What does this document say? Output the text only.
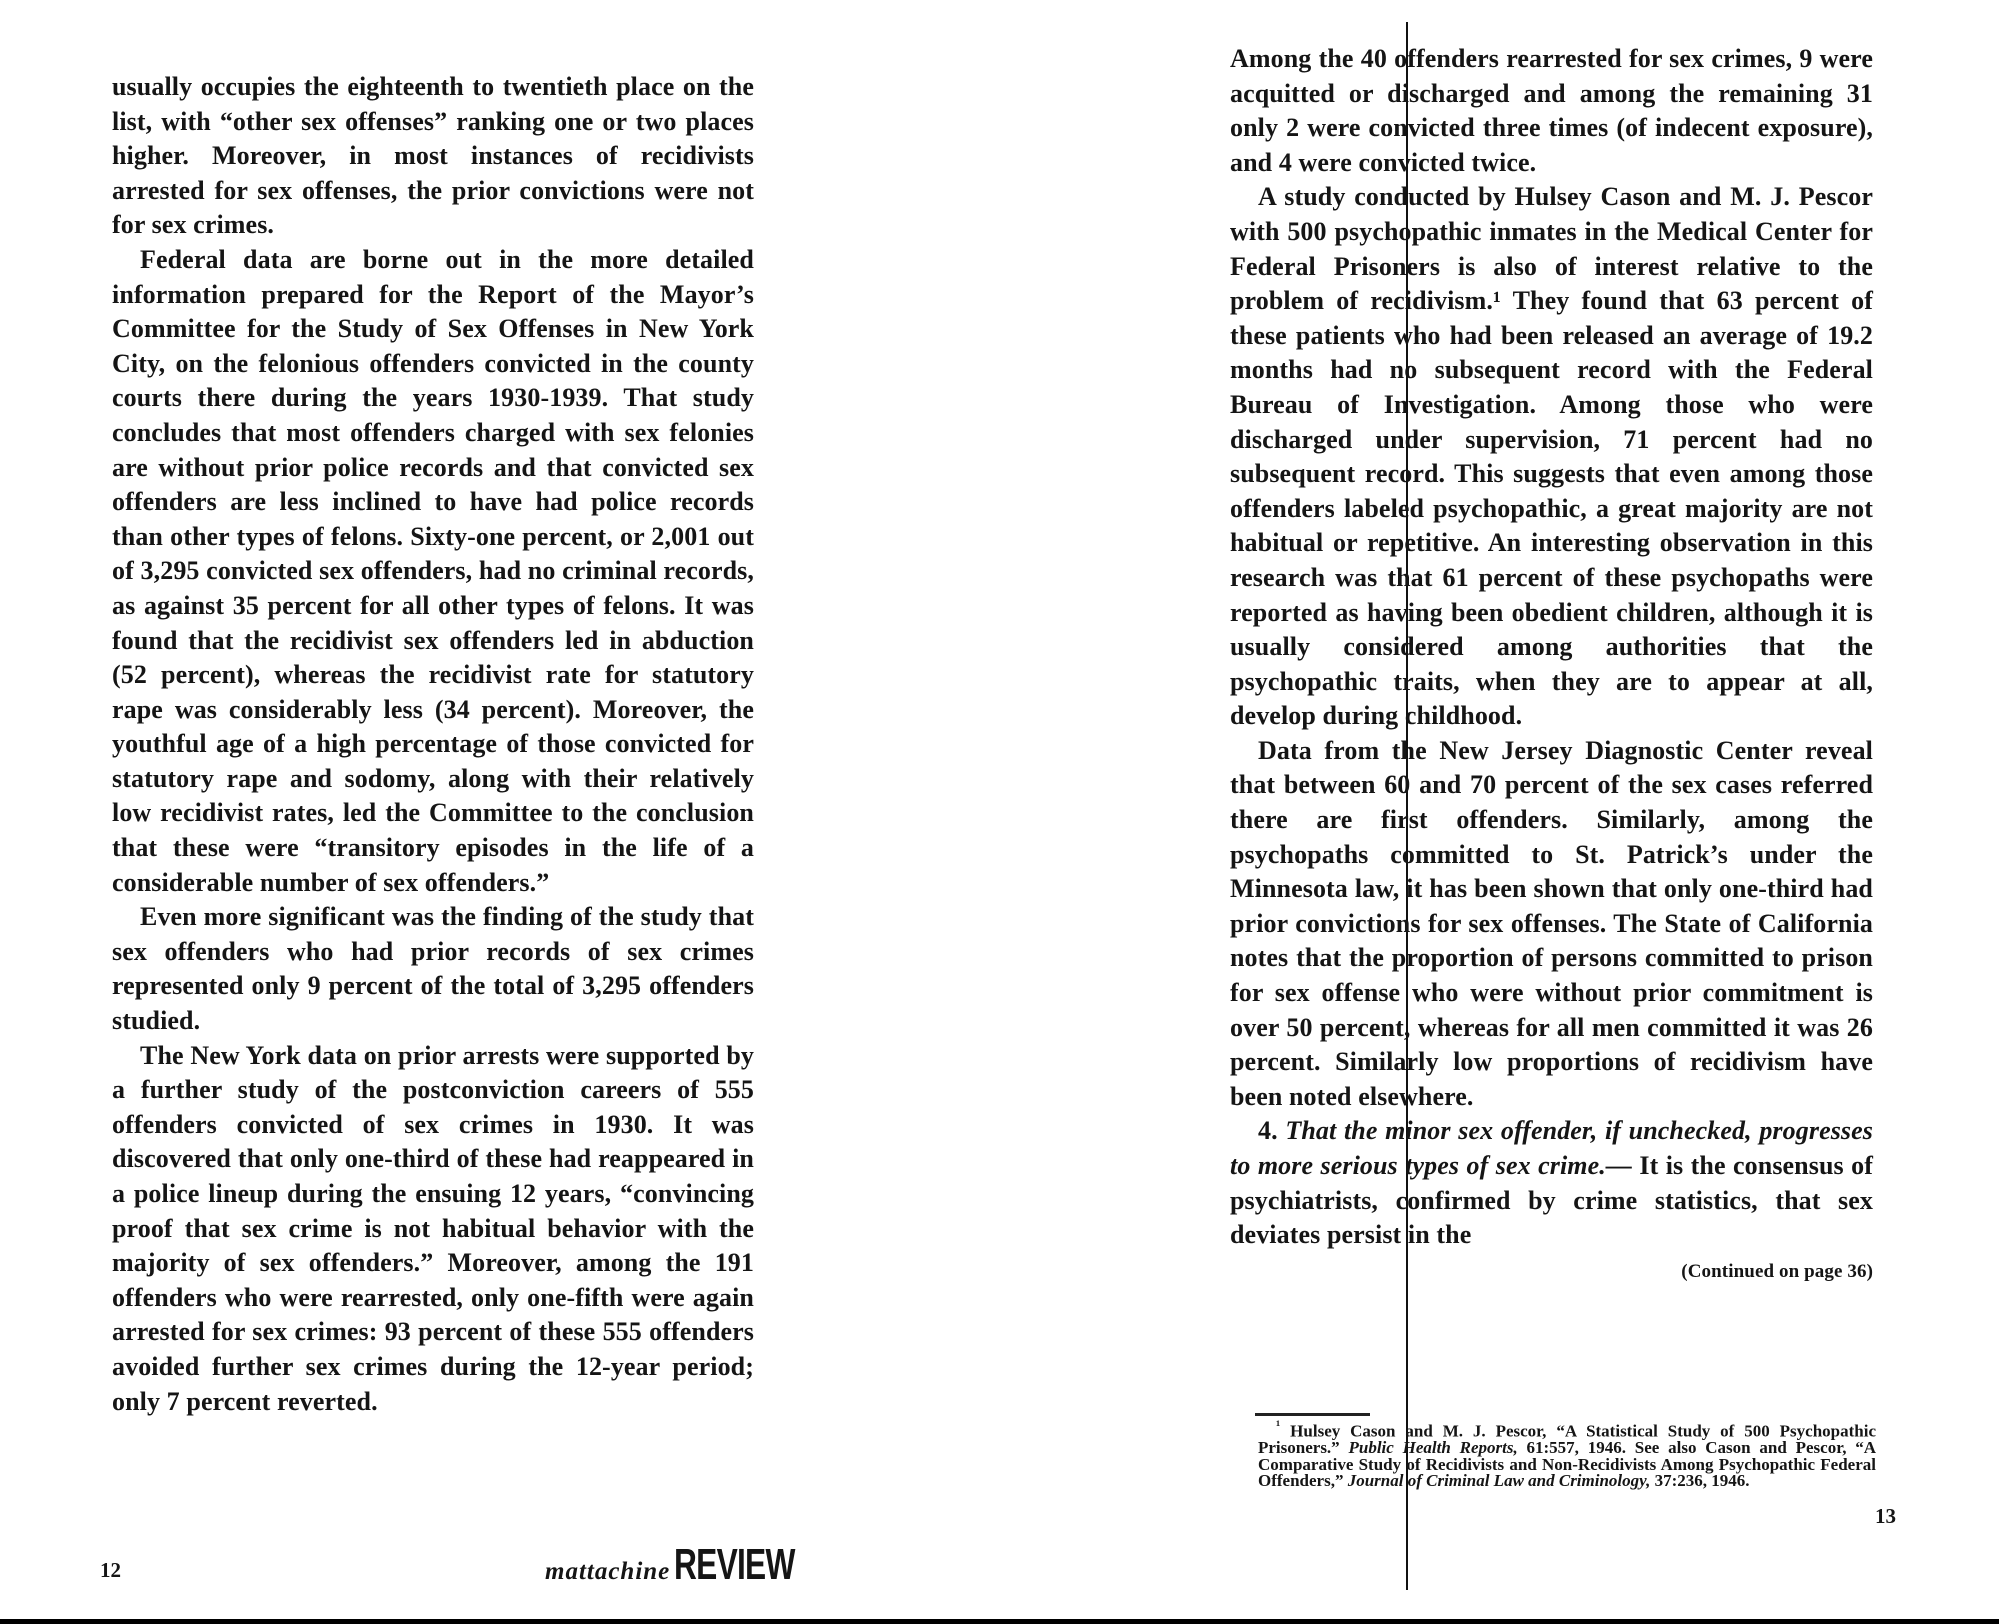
usually occupies the eighteenth to twentieth place on the list, with “other sex offenses” ranking one or two places higher. Moreover, in most instances of recidivists arrested for sex offenses, the prior convictions were not for sex crimes.

Federal data are borne out in the more detailed information prepared for the Report of the Mayor’s Committee for the Study of Sex Offenses in New York City, on the felonious offenders convicted in the county courts there during the years 1930-1939. That study concludes that most offenders charged with sex felonies are without prior police records and that convicted sex offenders are less inclined to have had police records than other types of felons. Sixty-one percent, or 2,001 out of 3,295 convicted sex offenders, had no criminal records, as against 35 percent for all other types of felons. It was found that the recidivist sex offenders led in abduction (52 percent), whereas the recidivist rate for statutory rape was considerably less (34 percent). Moreover, the youthful age of a high percentage of those convicted for statutory rape and sodomy, along with their relatively low recidivist rates, led the Committee to the conclusion that these were “transitory episodes in the life of a considerable number of sex offenders.”

Even more significant was the finding of the study that sex offenders who had prior records of sex crimes represented only 9 percent of the total of 3,295 offenders studied.

The New York data on prior arrests were supported by a further study of the postconviction careers of 555 offenders convicted of sex crimes in 1930. It was discovered that only one-third of these had reappeared in a police lineup during the ensuing 12 years, “convincing proof that sex crime is not habitual behavior with the majority of sex offenders.” Moreover, among the 191 offenders who were rearrested, only one-fifth were again arrested for sex crimes: 93 percent of these 555 offenders avoided further sex crimes during the 12-year period; only 7 percent reverted.

12	mattachine REVIEW

Among the 40 offenders rearrested for sex crimes, 9 were acquitted or discharged and among the remaining 31 only 2 were convicted three times (of indecent exposure), and 4 were convicted twice.

A study conducted by Hulsey Cason and M. J. Pescor with 500 psychopathic inmates in the Medical Center for Federal Prisoners is also of interest relative to the problem of recidivism.¹ They found that 63 percent of these patients who had been released an average of 19.2 months had no subsequent record with the Federal Bureau of Investigation. Among those who were discharged under supervision, 71 percent had no subsequent record. This suggests that even among those offenders labeled psychopathic, a great majority are not habitual or repetitive. An interesting observation in this research was that 61 percent of these psychopaths were reported as having been obedient children, although it is usually considered among authorities that the psychopathic traits, when they are to appear at all, develop during childhood.

Data from the New Jersey Diagnostic Center reveal that between 60 and 70 percent of the sex cases referred there are first offenders. Similarly, among the psychopaths committed to St. Patrick’s under the Minnesota law, it has been shown that only one-third had prior convictions for sex offenses. The State of California notes that the proportion of persons committed to prison for sex offense who were without prior commitment is over 50 percent, whereas for all men committed it was 26 percent. Similarly low proportions of recidivism have been noted elsewhere.

4. That the minor sex offender, if unchecked, progresses to more serious types of sex crime.— It is the consensus of psychiatrists, confirmed by crime statistics, that sex deviates persist in the

(Continued on page 36)
$^{^1}$ Hulsey Cason and M. J. Pescor, “A Statistical Study of 500 Psychopathic Prisoners.” Public Health Reports, 61:557, 1946. See also Cason and Pescor, “A Comparative Study of Recidivists and Non-Recidivists Among Psychopathic Federal Offenders,” Journal of Criminal Law and Criminology, 37:236, 1946.
13
